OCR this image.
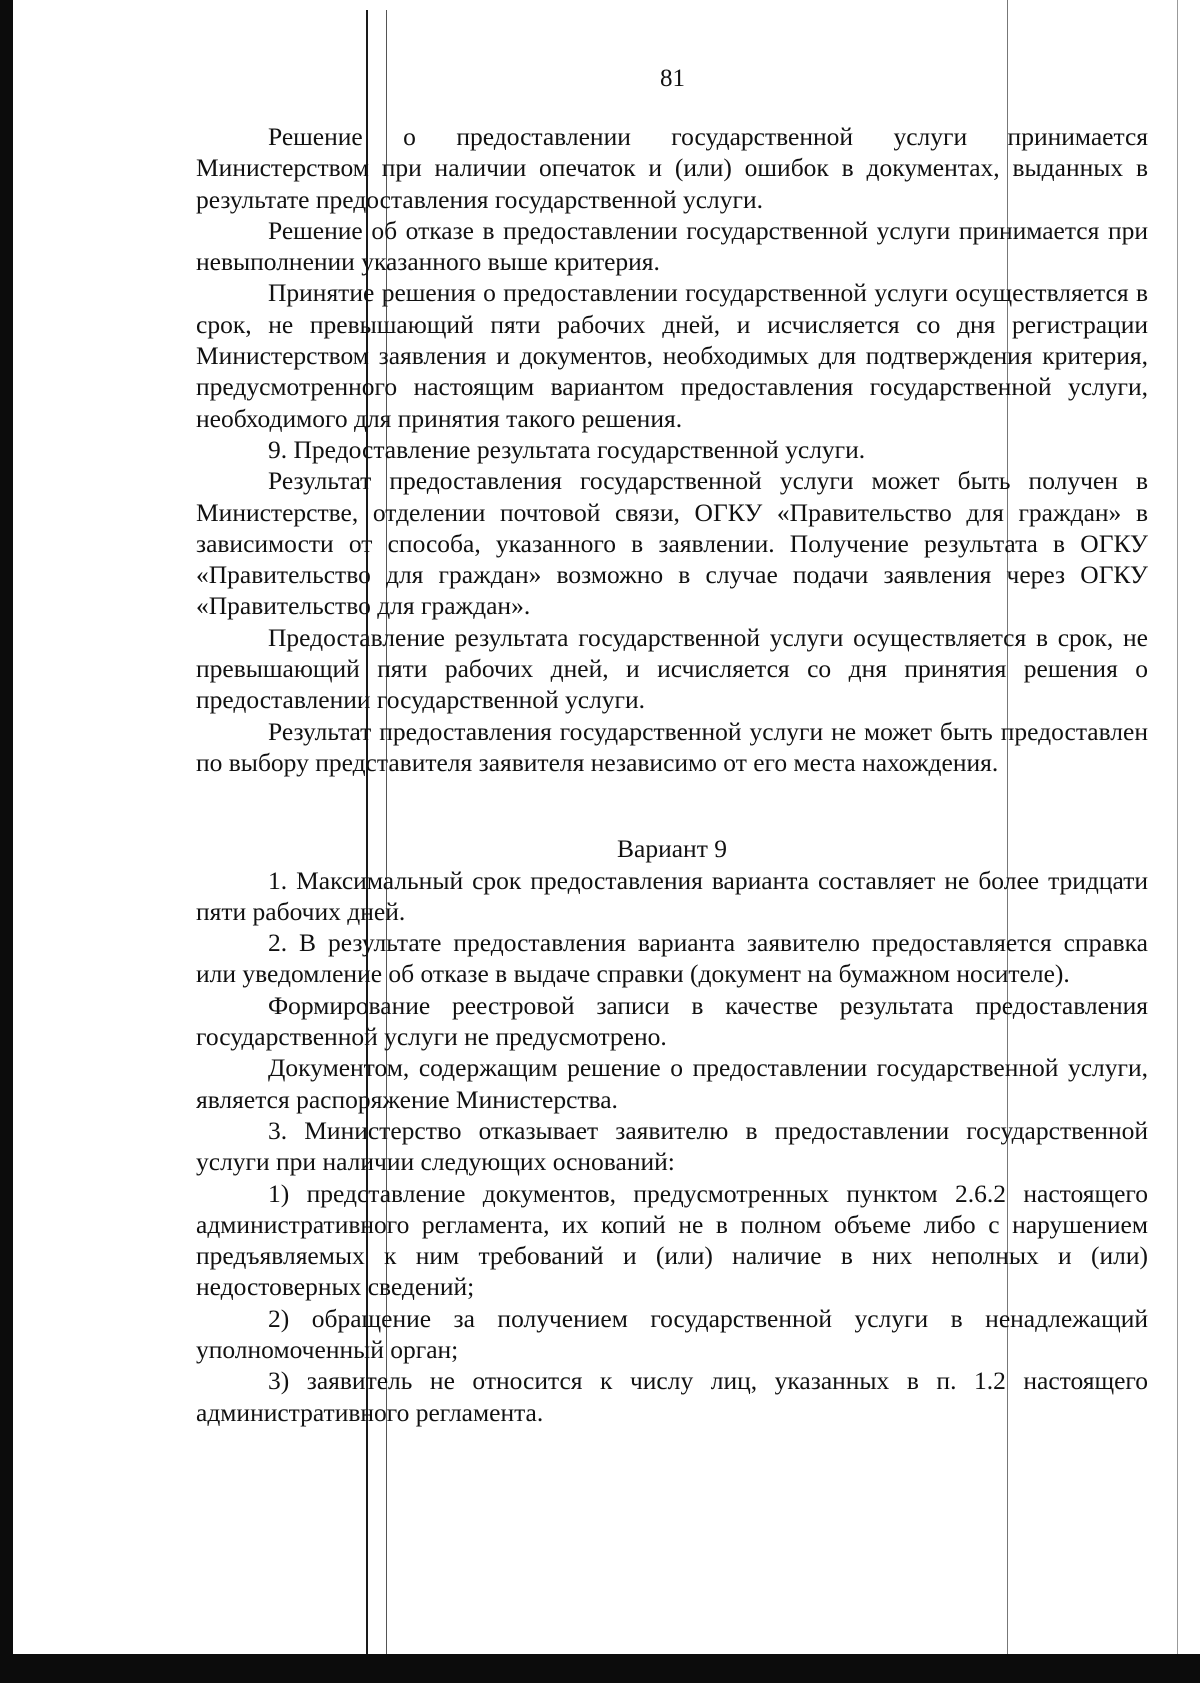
81

Решение о предоставлении государственной услуги принимается Министерством при наличии опечаток и (или) ошибок в документах, выданных в результате предоставления государственной услуги.

Решение об отказе в предоставлении государственной услуги принимается при невыполнении указанного выше критерия.

Принятие решения о предоставлении государственной услуги осуществляется в срок, не превышающий пяти рабочих дней, и исчисляется со дня регистрации Министерством заявления и документов, необходимых для подтверждения критерия, предусмотренного настоящим вариантом предоставления государственной услуги, необходимого для принятия такого решения.

9. Предоставление результата государственной услуги.

Результат предоставления государственной услуги может быть получен в Министерстве, отделении почтовой связи, ОГКУ «Правительство для граждан» в зависимости от способа, указанного в заявлении. Получение результата в ОГКУ «Правительство для граждан» возможно в случае подачи заявления через ОГКУ «Правительство для граждан».

Предоставление результата государственной услуги осуществляется в срок, не превышающий пяти рабочих дней, и исчисляется со дня принятия решения о предоставлении государственной услуги.

Результат предоставления государственной услуги не может быть предоставлен по выбору представителя заявителя независимо от его места нахождения.

Вариант 9

1. Максимальный срок предоставления варианта составляет не более тридцати пяти рабочих дней.

2. В результате предоставления варианта заявителю предоставляется справка или уведомление об отказе в выдаче справки (документ на бумажном носителе).

Формирование реестровой записи в качестве результата предоставления государственной услуги не предусмотрено.

Документом, содержащим решение о предоставлении государственной услуги, является распоряжение Министерства.

3. Министерство отказывает заявителю в предоставлении государственной услуги при наличии следующих оснований:

1) представление документов, предусмотренных пунктом 2.6.2 настоящего административного регламента, их копий не в полном объеме либо с нарушением предъявляемых к ним требований и (или) наличие в них неполных и (или) недостоверных сведений;

2) обращение за получением государственной услуги в ненадлежащий уполномоченный орган;

3) заявитель не относится к числу лиц, указанных в п. 1.2 настоящего административного регламента.
